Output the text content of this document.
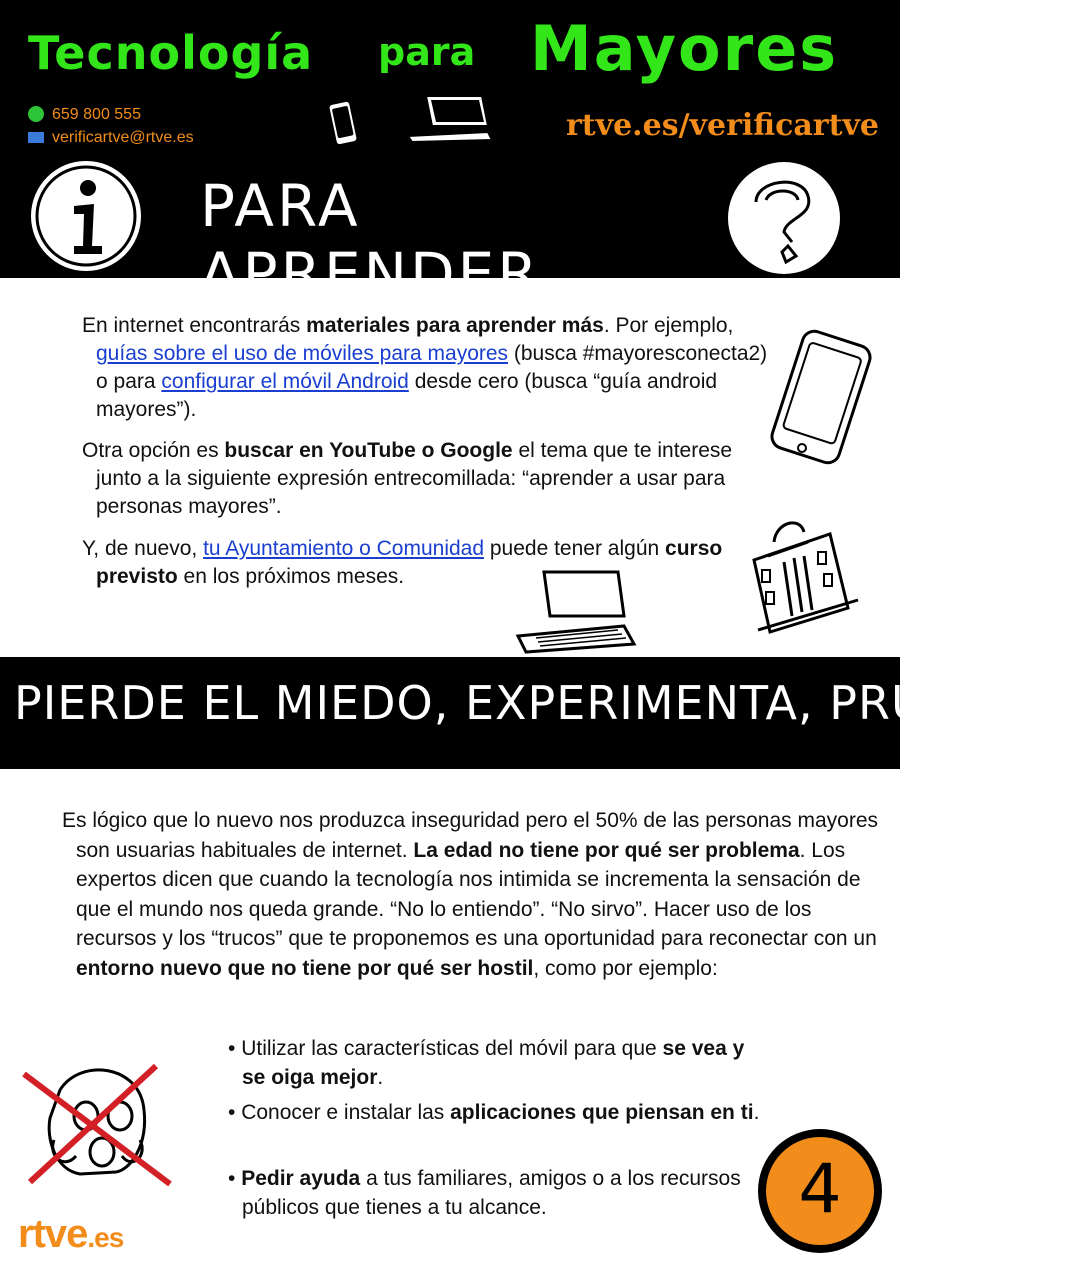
Tecnología para Mayores
659 800 555
verificartve@rtve.es	rtve.es/verificartve
PARA APRENDER
En internet encontrarás materiales para aprender más. Por ejemplo, guías sobre el uso de móviles para mayores (busca #mayoresconecta2) o para configurar el móvil Android desde cero (busca “guía android mayores”).
Otra opción es buscar en YouTube o Google el tema que te interese junto a la siguiente expresión entrecomillada: “aprender a usar para personas mayores”.
Y, de nuevo, tu Ayuntamiento o Comunidad puede tener algún curso previsto en los próximos meses.
PIERDE EL MIEDO, EXPERIMENTA, PRUEBA...
Es lógico que lo nuevo nos produzca inseguridad pero el 50% de las personas mayores son usuarias habituales de internet. La edad no tiene por qué ser problema. Los expertos dicen que cuando la tecnología nos intimida se incrementa la sensación de que el mundo nos queda grande. “No lo entiendo”. “No sirvo”. Hacer uso de los recursos y los “trucos” que te proponemos es una oportunidad para reconectar con un entorno nuevo que no tiene por qué ser hostil, como por ejemplo:
• Utilizar las características del móvil para que se vea y se oiga mejor.
• Conocer e instalar las aplicaciones que piensan en ti.
• Pedir ayuda a tus familiares, amigos o a los recursos públicos que tienes a tu alcance.
rtve.es
4
